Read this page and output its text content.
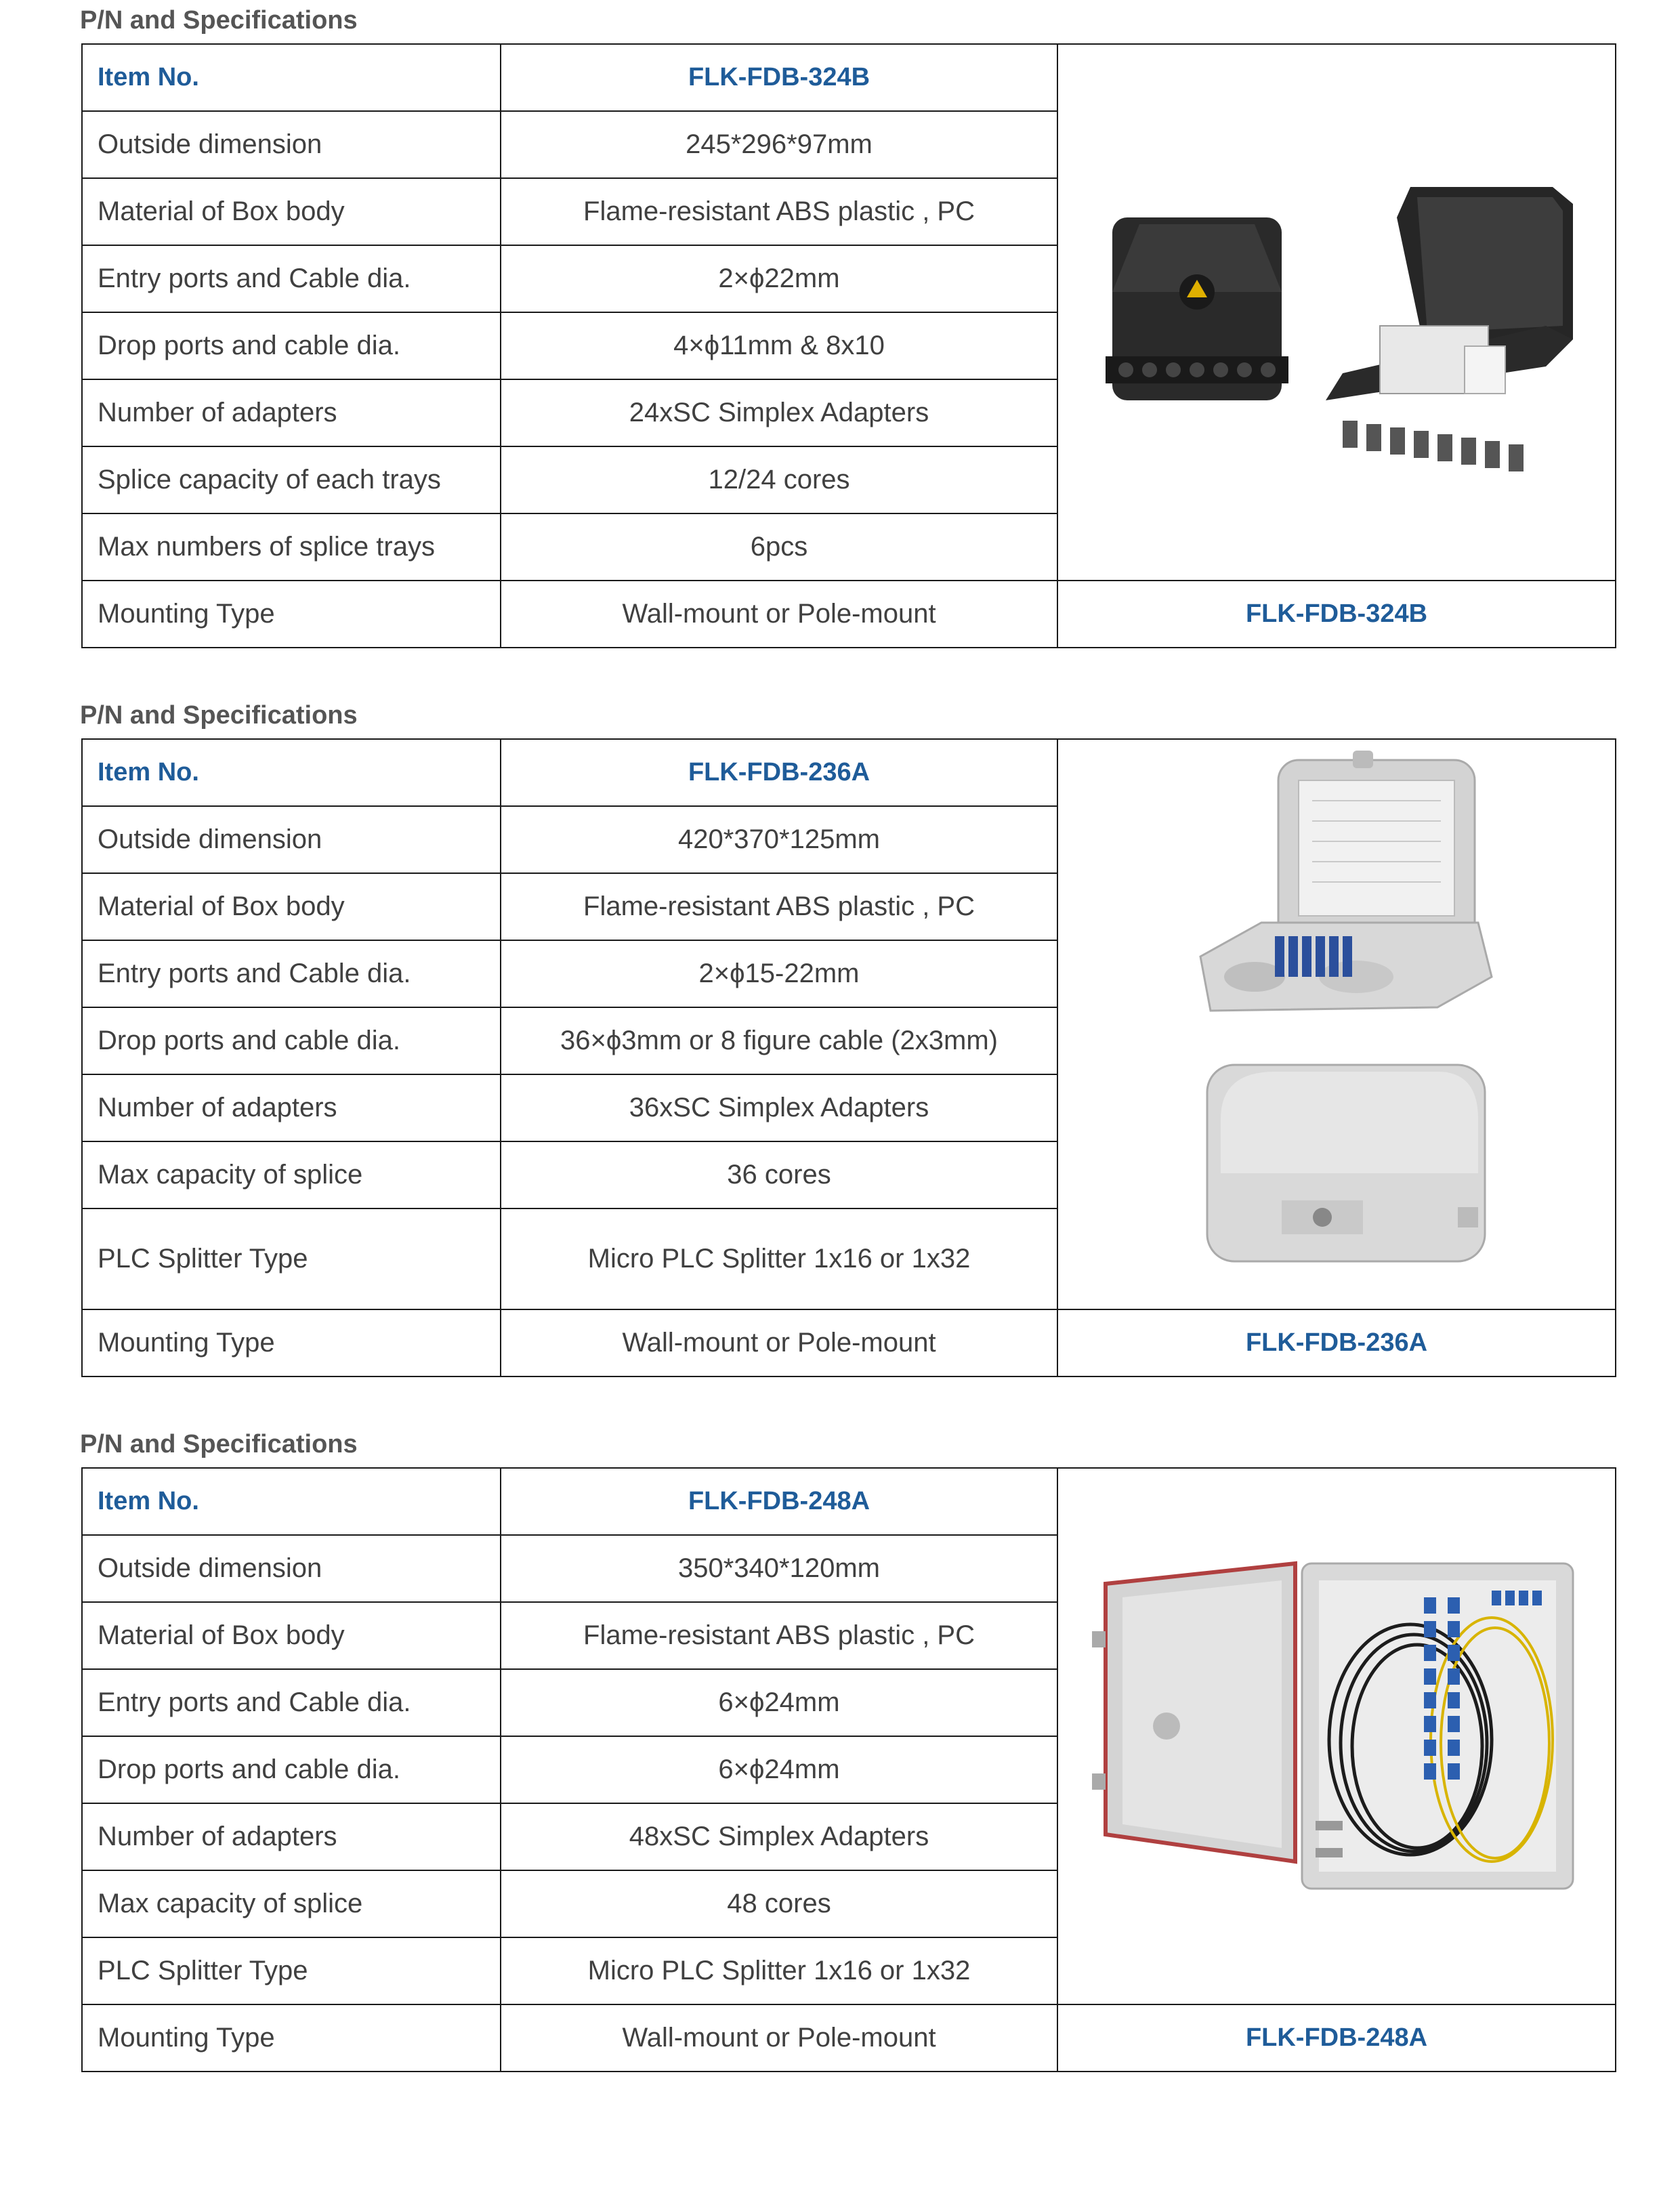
P/N and Specifications
Item No.	FLK-FDB-324B	

Outside dimension	245*296*97mm	
Material of Box body	Flame-resistant ABS plastic , PC	
Entry ports and Cable dia.	2×ϕ22mm	
Drop ports and cable dia.	4×ϕ11mm & 8x10	
Number of adapters	24xSC Simplex Adapters	
Splice capacity of each trays	12/24 cores	
Max numbers of splice trays	6pcs	
Mounting Type	Wall-mount or Pole-mount	FLK-FDB-324B
P/N and Specifications
Item No.	FLK-FDB-236A	

Outside dimension	420*370*125mm	
Material of Box body	Flame-resistant ABS plastic , PC	
Entry ports and Cable dia.	2×ϕ15-22mm	
Drop ports and cable dia.	36×ϕ3mm or 8 figure cable (2x3mm)	
Number of adapters	36xSC Simplex Adapters	
Max capacity of splice	36 cores	
PLC Splitter Type	Micro PLC Splitter 1x16 or 1x32	
Mounting Type	Wall-mount or Pole-mount	FLK-FDB-236A
P/N and Specifications
Item No.	FLK-FDB-248A	

Outside dimension	350*340*120mm	
Material of Box body	Flame-resistant ABS plastic , PC	
Entry ports and Cable dia.	6×ϕ24mm	
Drop ports and cable dia.	6×ϕ24mm	
Number of adapters	48xSC Simplex Adapters	
Max capacity of splice	48 cores	
PLC Splitter Type	Micro PLC Splitter 1x16 or 1x32	
Mounting Type	Wall-mount or Pole-mount	FLK-FDB-248A
